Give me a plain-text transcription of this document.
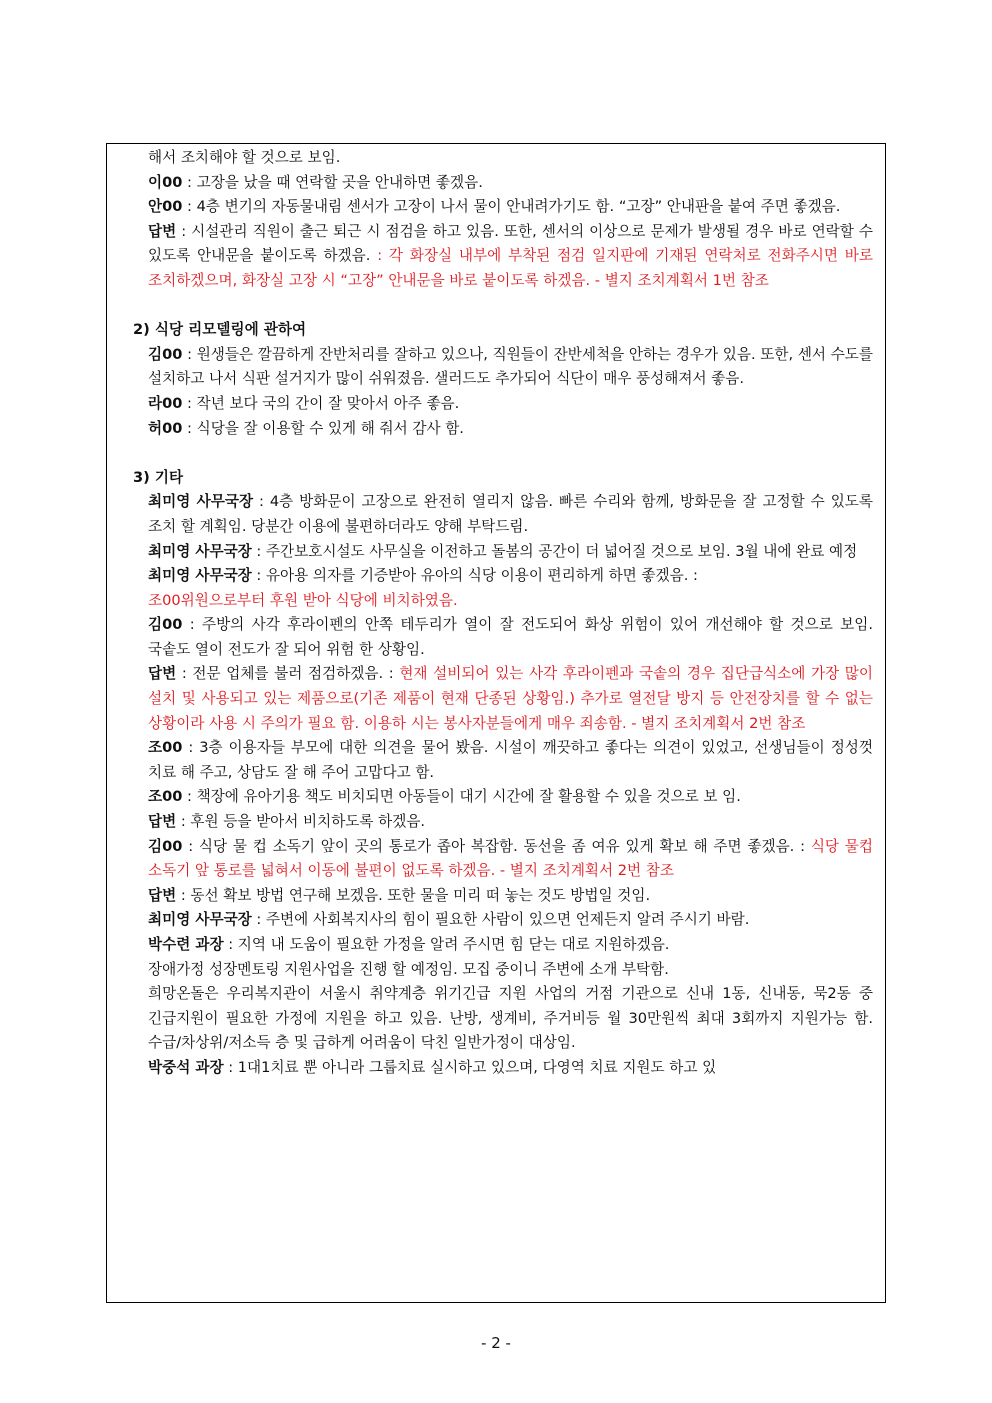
해서 조치해야 할 것으로 보임.
이00 : 고장을 났을 때 연락할 곳을 안내하면 좋겠음.
안00 : 4층 변기의 자동물내림 센서가 고장이 나서 물이 안내려가기도 함. “고장” 안내판을 붙여 주면 좋겠음.
답변 : 시설관리 직원이 출근 퇴근 시 점검을 하고 있음. 또한, 센서의 이상으로 문제가 발생될 경우 바로 연락할 수 있도록 안내문을 붙이도록 하겠음. : 각 화장실 내부에 부착된 점검 일지판에 기재된 연락처로 전화주시면 바로 조치하겠으며, 화장실 고장 시 “고장” 안내문을 바로 붙이도록 하겠음. - 별지 조치계획서 1번 참조
2) 식당 리모델링에 관하여
김00 : 원생들은 깔끔하게 잔반처리를 잘하고 있으나, 직원들이 잔반세척을 안하는 경우가 있음. 또한, 센서 수도를 설치하고 나서 식판 설거지가 많이 쉬워졌음. 샐러드도 추가되어 식단이 매우 풍성해져서 좋음.
라00 : 작년 보다 국의 간이 잘 맞아서 아주 좋음.
허00 : 식당을 잘 이용할 수 있게 해 줘서 감사 함.
3) 기타
최미영 사무국장 : 4층 방화문이 고장으로 완전히 열리지 않음. 빠른 수리와 함께, 방화문을 잘 고정할 수 있도록 조치 할 계획임. 당분간 이용에 불편하더라도 양해 부탁드림.
최미영 사무국장 : 주간보호시설도 사무실을 이전하고 돌봄의 공간이 더 넓어질 것으로 보임. 3월 내에 완료 예정
최미영 사무국장 : 유아용 의자를 기증받아 유아의 식당 이용이 편리하게 하면 좋겠음. :
조00위원으로부터 후원 받아 식당에 비치하였음.
김00 : 주방의 사각 후라이펜의 안쪽 테두리가 열이 잘 전도되어 화상 위험이 있어 개선해야 할 것으로 보임. 국솥도 열이 전도가 잘 되어 위험 한 상황임.
답변 : 전문 업체를 불러 점검하겠음. : 현재 설비되어 있는 사각 후라이펜과 국솥의 경우 집단급식소에 가장 많이 설치 및 사용되고 있는 제품으로(기존 제품이 현재 단종된 상황임.) 추가로 열전달 방지 등 안전장치를 할 수 없는 상황이라 사용 시 주의가 필요 함. 이용하 시는 봉사자분들에게 매우 죄송함. - 별지 조치계획서 2번 참조
조00 : 3층 이용자들 부모에 대한 의견을 물어 봤음. 시설이 깨끗하고 좋다는 의견이 있었고, 선생님들이 정성껏 치료 해 주고, 상담도 잘 해 주어 고맙다고 함.
조00 : 책장에 유아기용 책도 비치되면 아동들이 대기 시간에 잘 활용할 수 있을 것으로 보 임.
답변 : 후원 등을 받아서 비치하도록 하겠음.
김00 : 식당 물 컵 소독기 앞이 곳의 통로가 좁아 복잡함. 동선을 좀 여유 있게 확보 해 주면 좋겠음. : 식당 물컵 소독기 앞 통로를 넓혀서 이동에 불편이 없도록 하겠음. - 별지 조치계획서 2번 참조
답변 : 동선 확보 방법 연구해 보겠음. 또한 물을 미리 떠 놓는 것도 방법일 것임.
최미영 사무국장 : 주변에 사회복지사의 힘이 필요한 사람이 있으면 언제든지 알려 주시기 바람.
박수련 과장 : 지역 내 도움이 필요한 가정을 알려 주시면 힘 닫는 대로 지원하겠음.
장애가정 성장멘토링 지원사업을 진행 할 예정임. 모집 중이니 주변에 소개 부탁함.
희망온돌은 우리복지관이 서울시 취약계층 위기긴급 지원 사업의 거점 기관으로 신내 1동, 신내동, 묵2동 중 긴급지원이 필요한 가정에 지원을 하고 있음. 난방, 생계비, 주거비등 월 30만원씩 최대 3회까지 지원가능 함. 수급/차상위/저소득 층 및 급하게 어려움이 닥친 일반가정이 대상임.
박중석 과장 : 1대1치료 뿐 아니라 그룹치료 실시하고 있으며, 다영역 치료 지원도 하고 있
- 2 -
